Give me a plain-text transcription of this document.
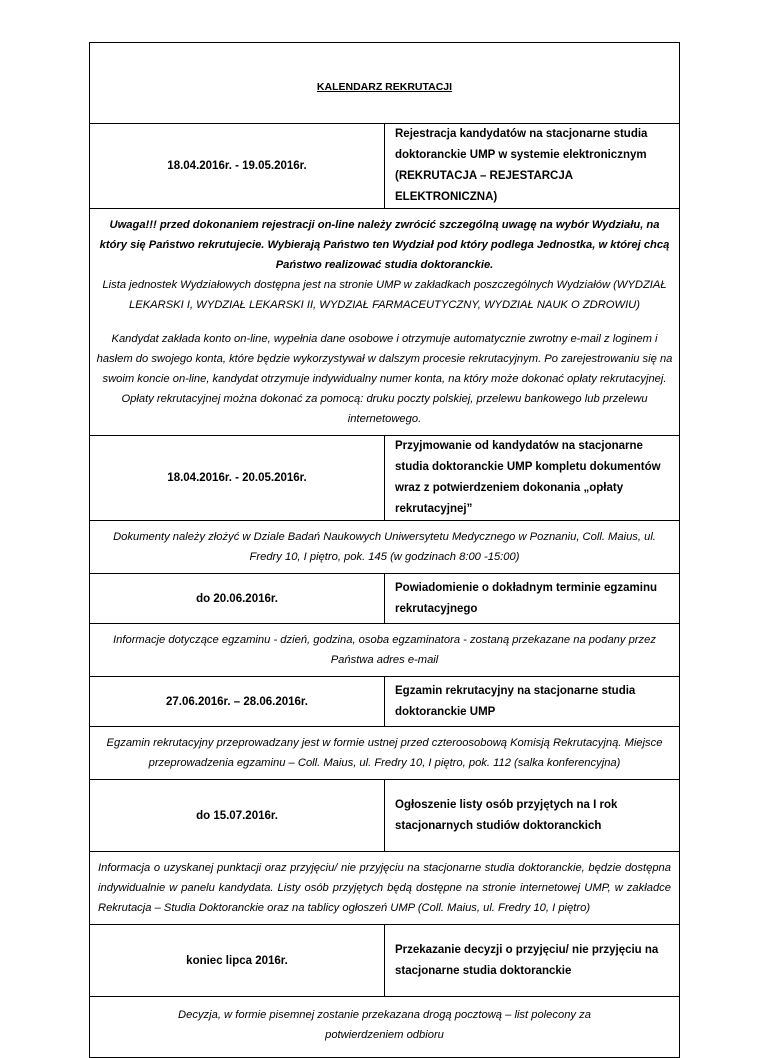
KALENDARZ REKRUTACJI	
18.04.2016r. - 19.05.2016r.	Rejestracja kandydatów na stacjonarne studia doktoranckie UMP w systemie elektronicznym (REKRUTACJA – REJESTARCJA ELEKTRONICZNA)

Uwaga!!! przed dokonaniem rejestracji on-line należy zwrócić szczególną uwagę na wybór Wydziału, na który się Państwo rekrutujecie. Wybierają Państwo ten Wydział pod który podlega Jednostka, w której chcą Państwo realizować studia doktoranckie.

Lista jednostek Wydziałowych dostępna jest na stronie UMP w zakładkach poszczególnych Wydziałów (WYDZIAŁ LEKARSKI I, WYDZIAŁ LEKARSKI II, WYDZIAŁ FARMACEUTYCZNY, WYDZIAŁ NAUK O ZDROWIU)

Kandydat zakłada konto on-line, wypełnia dane osobowe i otrzymuje automatycznie zwrotny e-mail z loginem i hasłem do swojego konta, które będzie wykorzystywał w dalszym procesie rekrutacyjnym. Po zarejestrowaniu się na swoim koncie on-line, kandydat otrzymuje indywidualny numer konta, na który może dokonać opłaty rekrutacyjnej. Opłaty rekrutacyjnej można dokonać za pomocą: druku poczty polskiej, przelewu bankowego lub przelewu internetowego.	

18.04.2016r. - 20.05.2016r.	Przyjmowanie od kandydatów na stacjonarne studia doktoranckie UMP kompletu dokumentów wraz z potwierdzeniem dokonania „opłaty rekrutacyjnej”
Dokumenty należy złożyć w Dziale Badań Naukowych Uniwersytetu Medycznego w Poznaniu, Coll. Maius, ul. Fredry 10, I piętro, pok. 145 (w godzinach 8:00 -15:00)	
do 20.06.2016r.	Powiadomienie o dokładnym terminie egzaminu rekrutacyjnego
Informacje dotyczące egzaminu - dzień, godzina, osoba egzaminatora - zostaną przekazane na podany przez Państwa adres e-mail	
27.06.2016r. – 28.06.2016r.	Egzamin rekrutacyjny na stacjonarne studia doktoranckie UMP
Egzamin rekrutacyjny przeprowadzany jest w formie ustnej przed czteroosobową Komisją Rekrutacyjną. Miejsce przeprowadzenia egzaminu – Coll. Maius, ul. Fredry 10, I piętro, pok. 112 (salka konferencyjna)	
do 15.07.2016r.	Ogłoszenie listy osób przyjętych na I rok stacjonarnych studiów doktoranckich
Informacja o uzyskanej punktacji oraz przyjęciu/ nie przyjęciu na stacjonarne studia doktoranckie, będzie dostępna indywidualnie w panelu kandydata. Listy osób przyjętych będą dostępne na stronie internetowej UMP, w zakładce Rekrutacja – Studia Doktoranckie oraz na tablicy ogłoszeń UMP (Coll. Maius, ul. Fredry 10, I piętro)	
koniec lipca 2016r.	Przekazanie decyzji o przyjęciu/ nie przyjęciu na stacjonarne studia doktoranckie
Decyzja, w formie pisemnej zostanie przekazana drogą pocztową – list polecony za potwierdzeniem odbioru	
